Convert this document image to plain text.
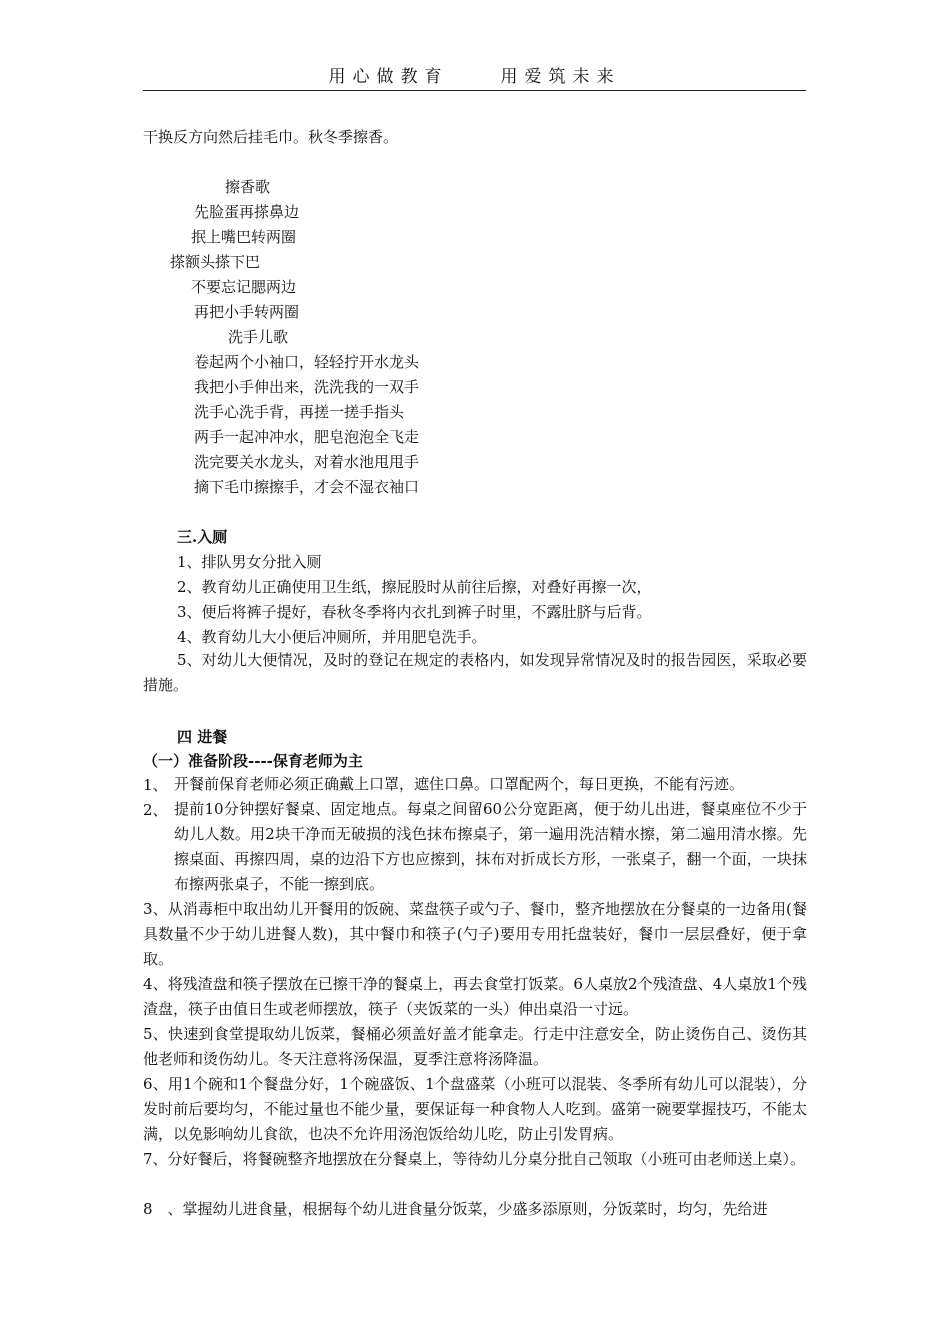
用心做教育	用爱筑未来
干换反方向然后挂毛巾。秋冬季擦香。
擦香歌
先脸蛋再搽鼻边
抿上嘴巴转两圈
搽额头搽下巴
不要忘记腮两边
再把小手转两圈
洗手儿歌
卷起两个小袖口，轻轻拧开水龙头
我把小手伸出来，洗洗我的一双手
洗手心洗手背，再搓一搓手指头
两手一起冲冲水，肥皂泡泡全飞走
洗完要关水龙头，对着水池甩甩手
摘下毛巾擦擦手，才会不湿衣袖口
三.入厕
1、排队男女分批入厕
2、教育幼儿正确使用卫生纸，擦屁股时从前往后擦，对叠好再擦一次，
3、便后将裤子提好，春秋冬季将内衣扎到裤子时里，不露肚脐与后背。
4、教育幼儿大小便后冲厕所，并用肥皂洗手。
5、对幼儿大便情况，及时的登记在规定的表格内，如发现异常情况及时的报告园医，采取必要措施。
四 进餐
（一）准备阶段----保育老师为主
1、 开餐前保育老师必须正确戴上口罩，遮住口鼻。口罩配两个，每日更换，不能有污迹。
2、 提前10分钟摆好餐桌、固定地点。每桌之间留60公分宽距离，便于幼儿出进，餐桌座位不少于幼儿人数。用2块干净而无破损的浅色抹布擦桌子，第一遍用洗洁精水擦，第二遍用清水擦。先擦桌面、再擦四周，桌的边沿下方也应擦到，抹布对折成长方形，一张桌子，翻一个面，一块抹布擦两张桌子，不能一擦到底。
3、从消毒柜中取出幼儿开餐用的饭碗、菜盘筷子或勺子、餐巾，整齐地摆放在分餐桌的一边备用(餐具数量不少于幼儿进餐人数)，其中餐巾和筷子(勺子)要用专用托盘装好，餐巾一层层叠好，便于拿取。
4、将残渣盘和筷子摆放在已擦干净的餐桌上，再去食堂打饭菜。6人桌放2个残渣盘、4人桌放1个残渣盘，筷子由值日生或老师摆放，筷子（夹饭菜的一头）伸出桌沿一寸远。
5、快速到食堂提取幼儿饭菜，餐桶必须盖好盖才能拿走。行走中注意安全，防止烫伤自己、烫伤其他老师和烫伤幼儿。冬天注意将汤保温，夏季注意将汤降温。
6、用1个碗和1个餐盘分好，1个碗盛饭、1个盘盛菜（小班可以混装、冬季所有幼儿可以混装），分发时前后要均匀，不能过量也不能少量，要保证每一种食物人人吃到。盛第一碗要掌握技巧，不能太满，以免影响幼儿食欲，也决不允许用汤泡饭给幼儿吃，防止引发胃病。
7、分好餐后，将餐碗整齐地摆放在分餐桌上，等待幼儿分桌分批自己领取（小班可由老师送上桌）。
8　、掌握幼儿进食量，根据每个幼儿进食量分饭菜，少盛多添原则，分饭菜时，均匀，先给进
